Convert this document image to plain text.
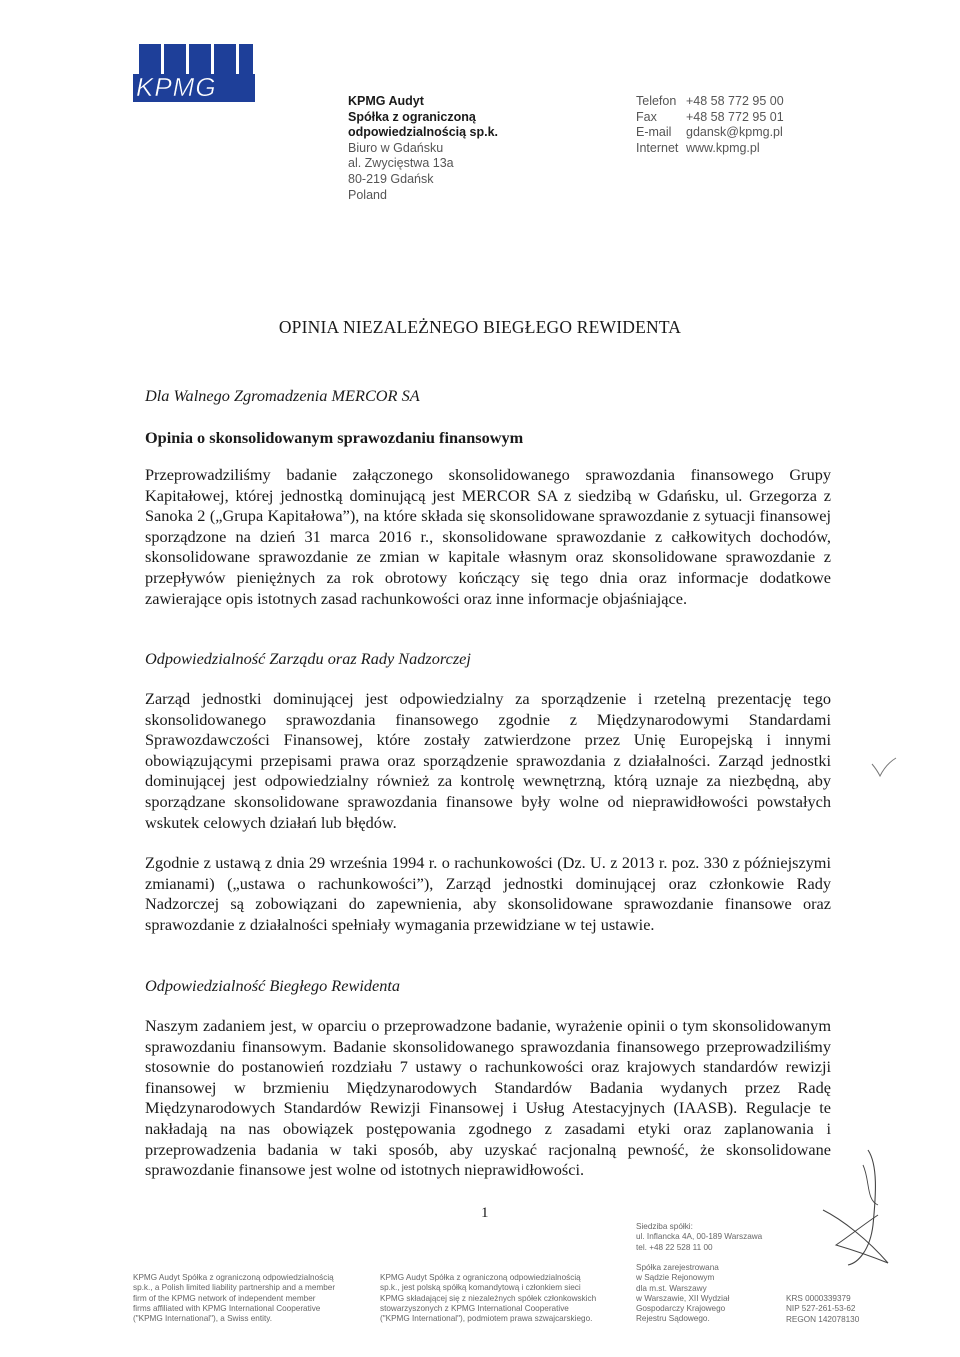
KPMG	KPMG Audyt
Spółka z ograniczoną
odpowiedzialnością sp.k.
Biuro w Gdańsku
al. Zwycięstwa 13a
80-219 Gdańsk
Poland
Telefon +48 58 772 95 00
Fax	+48 58 772 95 01
E-mail	gdansk@kpmg.pl
Internet www.kpmg.pl
OPINIA NIEZALEŻNEGO BIEGŁEGO REWIDENTA
Dla Walnego Zgromadzenia MERCOR SA
Opinia o skonsolidowanym sprawozdaniu finansowym
Przeprowadziliśmy badanie załączonego skonsolidowanego sprawozdania finansowego Grupy Kapitałowej, której jednostką dominującą jest MERCOR SA z siedzibą w Gdańsku, ul. Grzegorza z Sanoka 2 („Grupa Kapitałowa”), na które składa się skonsolidowane sprawozdanie z sytuacji finansowej sporządzone na dzień 31 marca 2016 r., skonsolidowane sprawozdanie z całkowitych dochodów, skonsolidowane sprawozdanie ze zmian w kapitale własnym oraz skonsolidowane sprawozdanie z przepływów pieniężnych za rok obrotowy kończący się tego dnia oraz informacje dodatkowe zawierające opis istotnych zasad rachunkowości oraz inne informacje objaśniające.
Odpowiedzialność Zarządu oraz Rady Nadzorczej
Zarząd jednostki dominującej jest odpowiedzialny za sporządzenie i rzetelną prezentację tego skonsolidowanego sprawozdania finansowego zgodnie z Międzynarodowymi Standardami Sprawozdawczości Finansowej, które zostały zatwierdzone przez Unię Europejską i innymi obowiązującymi przepisami prawa oraz sporządzenie sprawozdania z działalności. Zarząd jednostki dominującej jest odpowiedzialny również za kontrolę wewnętrzną, którą uznaje za niezbędną, aby sporządzane skonsolidowane sprawozdania finansowe były wolne od nieprawidłowości powstałych wskutek celowych działań lub błędów.
Zgodnie z ustawą z dnia 29 września 1994 r. o rachunkowości (Dz. U. z 2013 r. poz. 330 z późniejszymi zmianami) („ustawa o rachunkowości”), Zarząd jednostki dominującej oraz członkowie Rady Nadzorczej są zobowiązani do zapewnienia, aby skonsolidowane sprawozdanie finansowe oraz sprawozdanie z działalności spełniały wymagania przewidziane w tej ustawie.
Odpowiedzialność Biegłego Rewidenta
Naszym zadaniem jest, w oparciu o przeprowadzone badanie, wyrażenie opinii o tym skonsolidowanym sprawozdaniu finansowym. Badanie skonsolidowanego sprawozdania finansowego przeprowadziliśmy stosownie do postanowień rozdziału 7 ustawy o rachunkowości oraz krajowych standardów rewizji finansowej w brzmieniu Międzynarodowych Standardów Badania wydanych przez Radę Międzynarodowych Standardów Rewizji Finansowej i Usług Atestacyjnych (IAASB). Regulacje te nakładają na nas obowiązek postępowania zgodnego z zasadami etyki oraz zaplanowania i przeprowadzenia badania w taki sposób, aby uzyskać racjonalną pewność, że skonsolidowane sprawozdanie finansowe jest wolne od istotnych nieprawidłowości.
1
Siedziba spółki:
ul. Inflancka 4A, 00-189 Warszawa
tel. +48 22 528 11 00
KPMG Audyt Spółka z ograniczoną odpowiedzialnością
sp.k., a Polish limited liability partnership and a member
firm of the KPMG network of independent member
firms affiliated with KPMG International Cooperative
("KPMG International"), a Swiss entity.
KPMG Audyt Spółka z ograniczoną odpowiedzialnością
sp.k., jest polską spółką komandytową i członkiem sieci
KPMG składającej się z niezależnych spółek członkowskich
stowarzyszonych z KPMG International Cooperative
("KPMG International"), podmiotem prawa szwajcarskiego.
Spółka zarejestrowana
w Sądzie Rejonowym
dla m.st. Warszawy
w Warszawie, XII Wydział
Gospodarczy Krajowego
Rejestru Sądowego.
KRS 0000339379
NIP 527-261-53-62
REGON 142078130
